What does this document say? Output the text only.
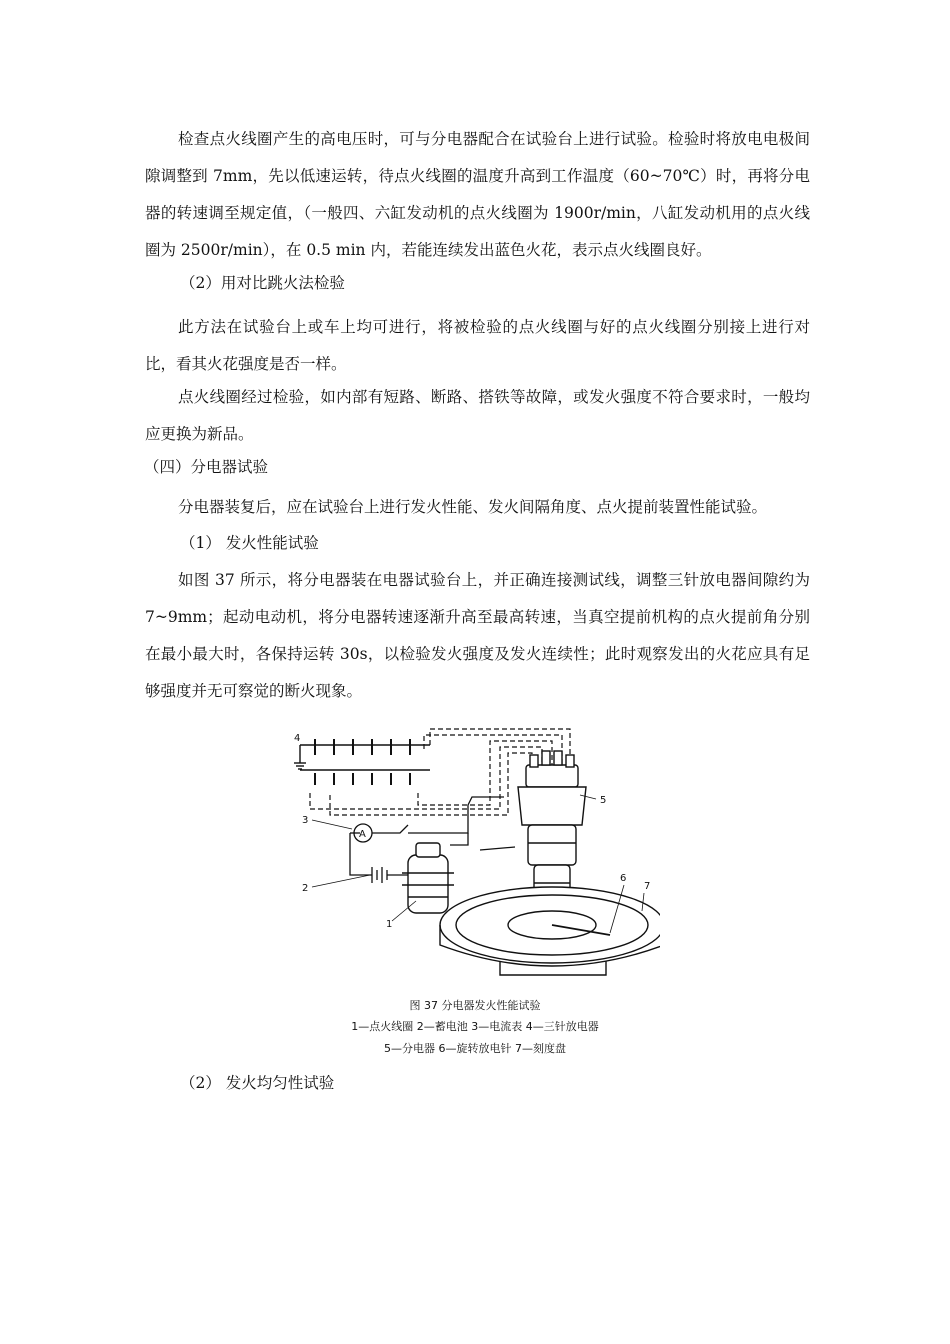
检查点火线圈产生的高电压时，可与分电器配合在试验台上进行试验。检验时将放电电极间隙调整到 7mm，先以低速运转，待点火线圈的温度升高到工作温度（60~70℃）时，再将分电器的转速调至规定值，（一般四、六缸发动机的点火线圈为 1900r/min，八缸发动机用的点火线圈为 2500r/min），在 0.5 min 内，若能连续发出蓝色火花，表示点火线圈良好。

（2）用对比跳火法检验

此方法在试验台上或车上均可进行，将被检验的点火线圈与好的点火线圈分别接上进行对比，看其火花强度是否一样。

点火线圈经过检验，如内部有短路、断路、搭铁等故障，或发火强度不符合要求时，一般均应更换为新品。

（四）分电器试验

分电器装复后，应在试验台上进行发火性能、发火间隔角度、点火提前装置性能试验。

（1） 发火性能试验

如图 37 所示，将分电器装在电器试验台上，并正确连接测试线，调整三针放电器间隙约为 7~9mm；起动电动机，将分电器转速逐渐升高至最高转速，当真空提前机构的点火提前角分别在最小最大时，各保持运转 30s，以检验发火强度及发火连续性；此时观察发出的火花应具有足够强度并无可察觉的断火现象。

A
4
3
2
1
5
6
7

图 37 分电器发火性能试验

1—点火线圈 2—蓄电池 3—电流表 4—三针放电器

5—分电器 6—旋转放电针 7—刻度盘

（2） 发火均匀性试验
